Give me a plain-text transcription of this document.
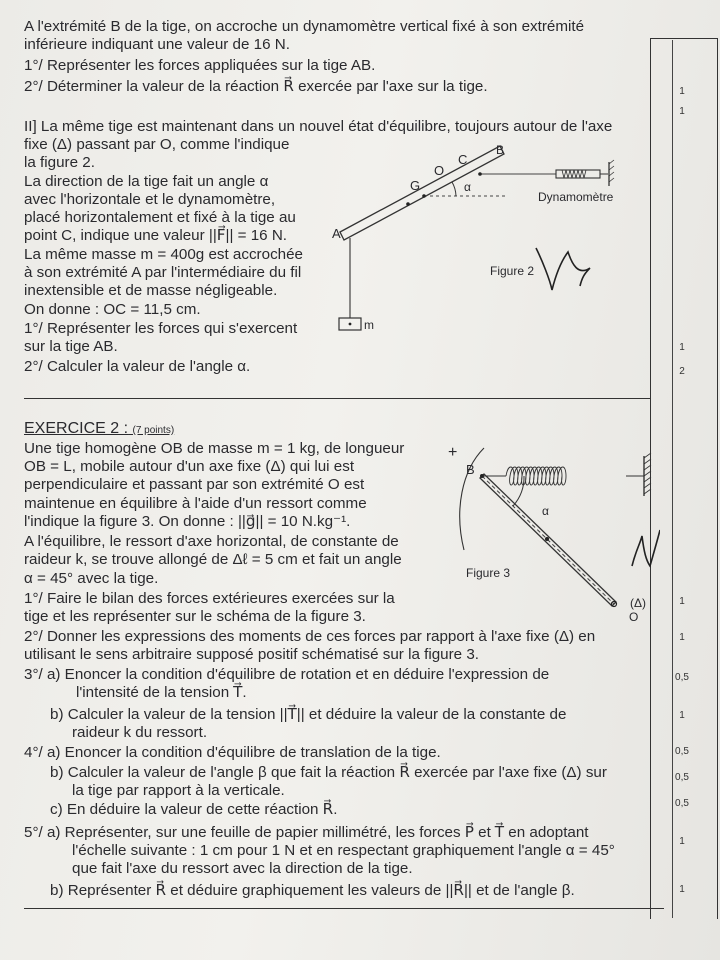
A l'extrémité B de la tige, on accroche un dynamomètre vertical fixé à son extrémité
inférieure indiquant une valeur de 16 N.
1°/ Représenter les forces appliquées sur la tige AB.
2°/ Déterminer la valeur de la réaction R⃗ exercée par l'axe sur la tige.
II] La même tige est maintenant dans un nouvel état d'équilibre, toujours autour de l'axe
fixe (Δ) passant par O, comme l'indique
la figure 2.
La direction de la tige fait un angle α
avec l'horizontale et le dynamomètre,
placé horizontalement et fixé à la tige au
point C, indique une valeur ||F⃗|| = 16 N.
La même masse m = 400g est accrochée
à son extrémité A par l'intermédiaire du fil
inextensible et de masse négligeable.
On donne : OC = 11,5 cm.
1°/ Représenter les forces qui s'exercent
sur la tige AB.
2°/ Calculer la valeur de l'angle α.
A
B
C
O
G	α
Dynamomètre
m
Figure 2
EXERCICE 2 : (7 points)
Une tige homogène OB de masse m = 1 kg, de longueur
OB = L, mobile autour d'un axe fixe (Δ) qui lui est
perpendiculaire et passant par son extrémité O est
maintenue en équilibre à l'aide d'un ressort comme
l'indique la figure 3. On donne : ||g⃗|| = 10 N.kg⁻¹.
A l'équilibre, le ressort d'axe horizontal, de constante de
raideur k, se trouve allongé de Δℓ = 5 cm et fait un angle
α = 45° avec la tige.
1°/ Faire le bilan des forces extérieures exercées sur la
tige et les représenter sur le schéma de la figure 3.
2°/ Donner les expressions des moments de ces forces par rapport à l'axe fixe (Δ) en
utilisant le sens arbitraire supposé positif schématisé sur la figure 3.
3°/ a) Enoncer la condition d'équilibre de rotation et en déduire l'expression de
l'intensité de la tension T⃗.
b) Calculer la valeur de la tension ||T⃗|| et déduire la valeur de la constante de
raideur k du ressort.
4°/ a) Enoncer la condition d'équilibre de translation de la tige.
b) Calculer la valeur de l'angle β que fait la réaction R⃗ exercée par l'axe fixe (Δ) sur
la tige par rapport à la verticale.
c) En déduire la valeur de cette réaction R⃗.
5°/ a) Représenter, sur une feuille de papier millimétré, les forces P⃗ et T⃗ en adoptant
l'échelle suivante : 1 cm pour 1 N et en respectant graphiquement l'angle α = 45°
que fait l'axe du ressort avec la direction de la tige.
b) Représenter R⃗ et déduire graphiquement les valeurs de ||R⃗|| et de l'angle β.
+
B
α
(Δ)
O
Figure 3
1
1
1
2
1
1
0,5
1
0,5
0,5
0,5
1
1
